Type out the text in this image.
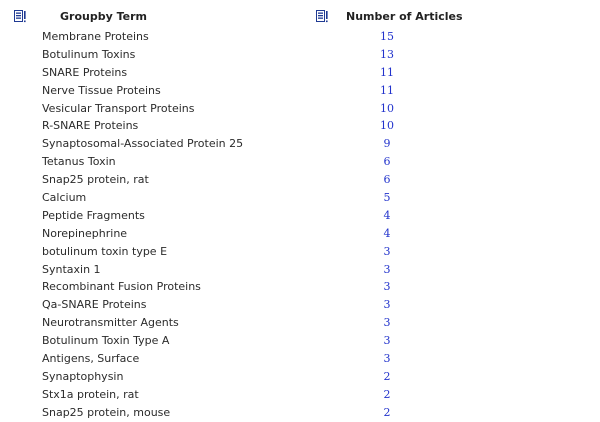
Groupby Term	Number of Articles
Membrane Proteins	15
Botulinum Toxins	13
SNARE Proteins	11
Nerve Tissue Proteins	11
Vesicular Transport Proteins	10
R-SNARE Proteins	10
Synaptosomal-Associated Protein 25	9
Tetanus Toxin	6
Snap25 protein, rat	6
Calcium	5
Peptide Fragments	4
Norepinephrine	4
botulinum toxin type E	3
Syntaxin 1	3
Recombinant Fusion Proteins	3
Qa-SNARE Proteins	3
Neurotransmitter Agents	3
Botulinum Toxin Type A	3
Antigens, Surface	3
Synaptophysin	2
Stx1a protein, rat	2
Snap25 protein, mouse	2
